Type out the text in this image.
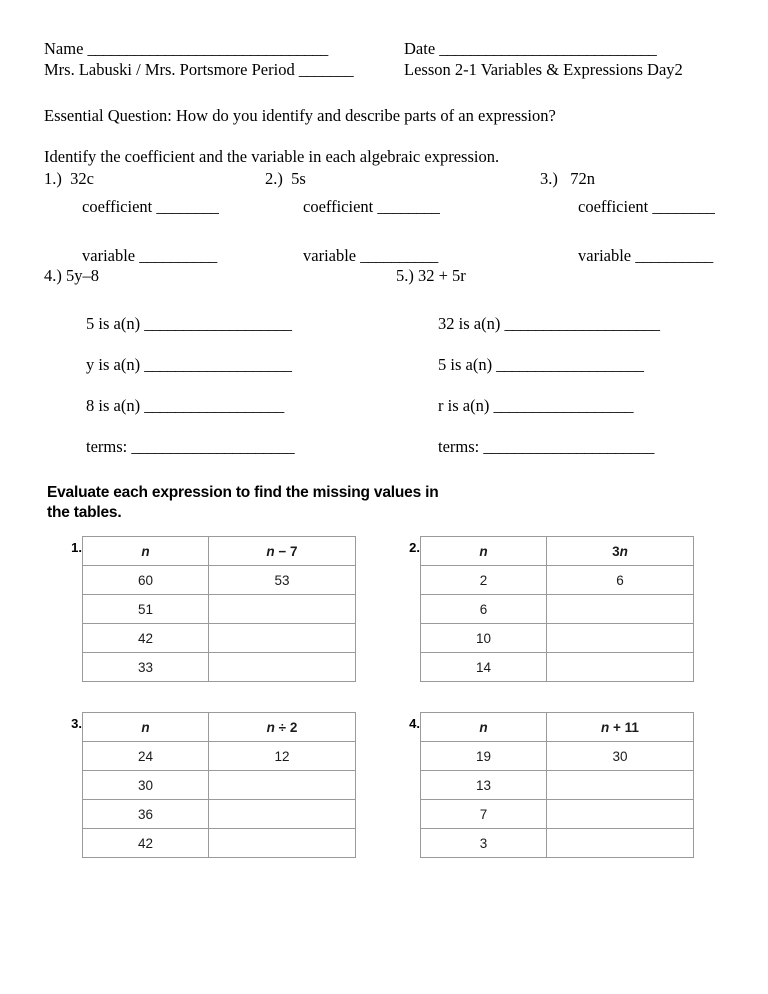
Name _______________________________	Date ____________________________
Mrs. Labuski / Mrs. Portsmore Period _______	Lesson 2-1 Variables & Expressions Day2
Essential Question: How do you identify and describe parts of an expression?
Identify the coefficient and the variable in each algebraic expression.
1.) 32c
coefficient ________
variable __________
2.) 5s
coefficient ________
variable __________
3.) 72n
coefficient ________
variable __________
4.) 5y–8
5 is a(n) ___________________
y is a(n) ___________________
8 is a(n) __________________
terms: _____________________
5.) 32 + 5r
32 is a(n) ____________________
5 is a(n) ___________________
r is a(n) __________________
terms: ______________________
Evaluate each expression to find the missing values in
the tables.
1.	n	n − 7
60	53
51	
42	
33	
2.	n	3n
2	6
6	
10	
14	
3.	n	n ÷ 2
24	12
30	
36	
42	
4.	n	n + 11
19	30
13	
7	
3	
